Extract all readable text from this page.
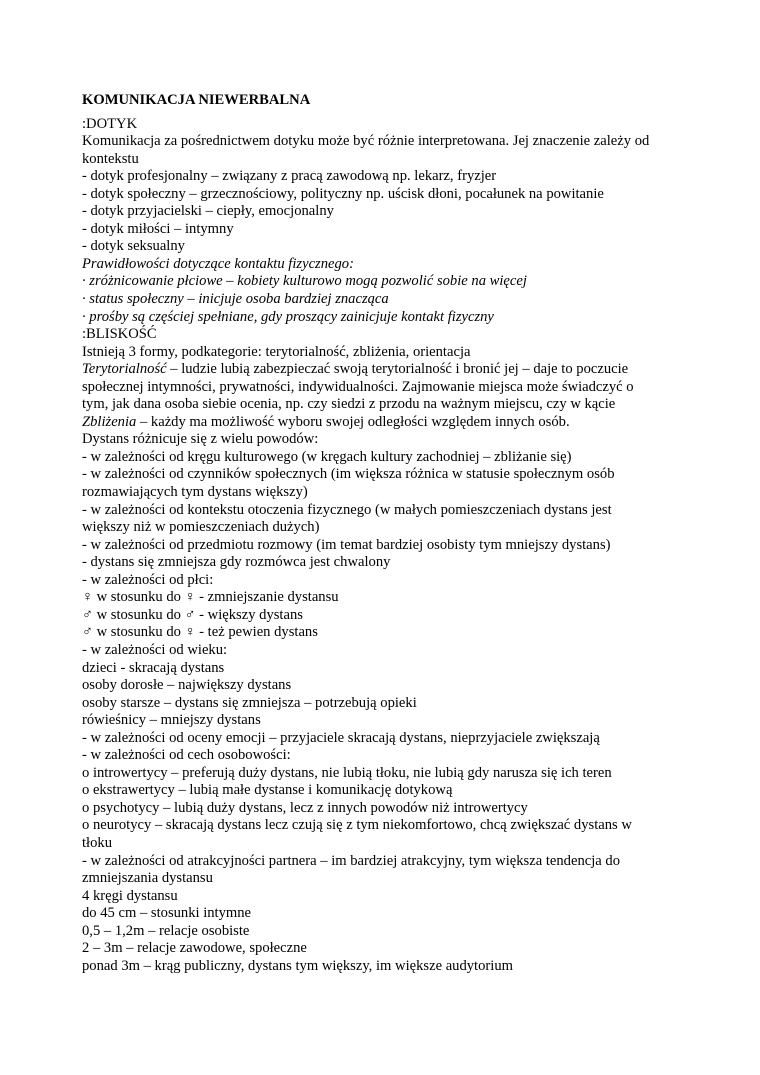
KOMUNIKACJA NIEWERBALNA

:DOTYK

Komunikacja za pośrednictwem dotyku może być różnie interpretowana. Jej znaczenie zależy od

kontekstu

- dotyk profesjonalny – związany z pracą zawodową np. lekarz, fryzjer

- dotyk społeczny – grzecznościowy, polityczny np. uścisk dłoni, pocałunek na powitanie

- dotyk przyjacielski – ciepły, emocjonalny

- dotyk miłości – intymny

- dotyk seksualny

Prawidłowości dotyczące kontaktu fizycznego:

· zróżnicowanie płciowe – kobiety kulturowo mogą pozwolić sobie na więcej

· status społeczny – inicjuje osoba bardziej znacząca

· prośby są częściej spełniane, gdy proszący zainicjuje kontakt fizyczny

:BLISKOŚĆ

Istnieją 3 formy, podkategorie: terytorialność, zbliżenia, orientacja

Terytorialność – ludzie lubią zabezpieczać swoją terytorialność i bronić jej – daje to poczucie

społecznej intymności, prywatności, indywidualności. Zajmowanie miejsca może świadczyć o

tym, jak dana osoba siebie ocenia, np. czy siedzi z przodu na ważnym miejscu, czy w kącie

Zbliżenia – każdy ma możliwość wyboru swojej odległości względem innych osób.

Dystans różnicuje się z wielu powodów:

- w zależności od kręgu kulturowego (w kręgach kultury zachodniej – zbliżanie się)

- w zależności od czynników społecznych (im większa różnica w statusie społecznym osób

rozmawiających tym dystans większy)

- w zależności od kontekstu otoczenia fizycznego (w małych pomieszczeniach dystans jest

większy niż w pomieszczeniach dużych)

- w zależności od przedmiotu rozmowy (im temat bardziej osobisty tym mniejszy dystans)

- dystans się zmniejsza gdy rozmówca jest chwalony

- w zależności od płci:

♀ w stosunku do ♀ - zmniejszanie dystansu

♂ w stosunku do ♂ - większy dystans

♂ w stosunku do ♀ - też pewien dystans

- w zależności od wieku:

dzieci - skracają dystans

osoby dorosłe – największy dystans

osoby starsze – dystans się zmniejsza – potrzebują opieki

rówieśnicy – mniejszy dystans

- w zależności od oceny emocji – przyjaciele skracają dystans, nieprzyjaciele zwiększają

- w zależności od cech osobowości:

o introwertycy – preferują duży dystans, nie lubią tłoku, nie lubią gdy narusza się ich teren

o ekstrawertycy – lubią małe dystanse i komunikację dotykową

o psychotycy – lubią duży dystans, lecz z innych powodów niż introwertycy

o neurotycy – skracają dystans lecz czują się z tym niekomfortowo, chcą zwiększać dystans w

tłoku

- w zależności od atrakcyjności partnera – im bardziej atrakcyjny, tym większa tendencja do

zmniejszania dystansu

4 kręgi dystansu

do 45 cm – stosunki intymne

0,5 – 1,2m – relacje osobiste

2 – 3m – relacje zawodowe, społeczne

ponad 3m – krąg publiczny, dystans tym większy, im większe audytorium
